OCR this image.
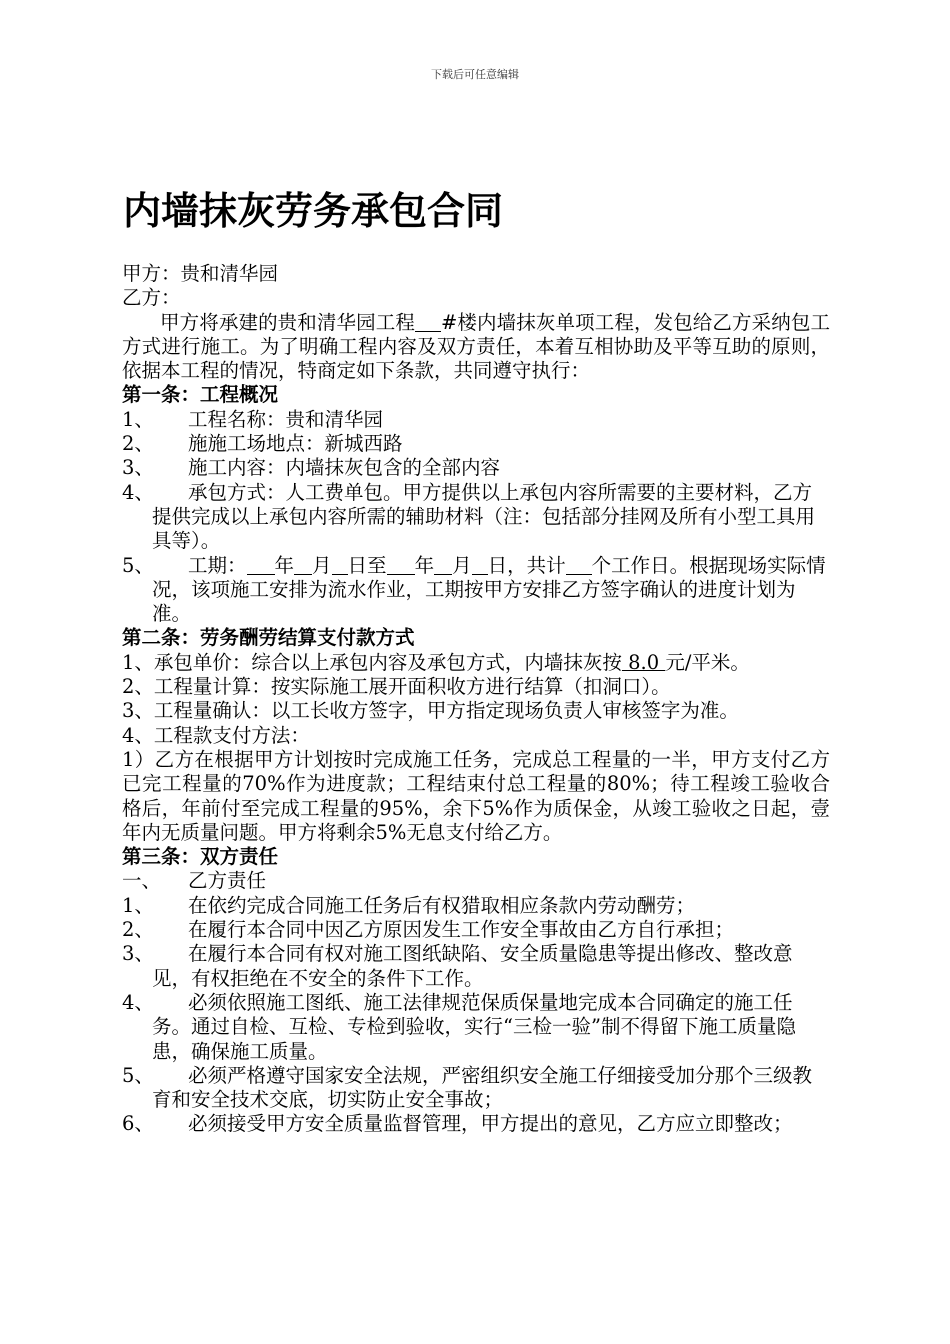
下载后可任意编辑
内墙抹灰劳务承包合同
甲方：贵和清华园
乙方：
甲方将承建的贵和清华园工程 #楼内墙抹灰单项工程，发包给乙方采纳包工方式进行施工。为了明确工程内容及双方责任，本着互相协助及平等互助的原则，依据本工程的情况，特商定如下条款，共同遵守执行：
第一条：工程概况
1、	工程名称：贵和清华园
2、	施施工场地点：新城西路
3、	施工内容：内墙抹灰包含的全部内容
4、 承包方式：人工费单包。甲方提供以上承包内容所需要的主要材料，乙方提供完成以上承包内容所需的辅助材料（注：包括部分挂网及所有小型工具用具等）。
5、 工期： 年 月 日至 年 月 日，共计 个工作日。根据现场实际情况，该项施工安排为流水作业，工期按甲方安排乙方签字确认的进度计划为准。
第二条：劳务酬劳结算支付款方式
1、承包单价：综合以上承包内容及承包方式，内墙抹灰按 8.0 元/平米。
2、工程量计算：按实际施工展开面积收方进行结算（扣洞口）。
3、工程量确认：以工长收方签字，甲方指定现场负责人审核签字为准。
4、工程款支付方法：
1）乙方在根据甲方计划按时完成施工任务，完成总工程量的一半，甲方支付乙方已完工程量的70%作为进度款；工程结束付总工程量的80%；待工程竣工验收合格后，年前付至完成工程量的95%，余下5%作为质保金，从竣工验收之日起，壹年内无质量问题。甲方将剩余5%无息支付给乙方。
第三条：双方责任
一、	乙方责任
1、	在依约完成合同施工任务后有权猎取相应条款内劳动酬劳；
2、	在履行本合同中因乙方原因发生工作安全事故由乙方自行承担；
3、 在履行本合同有权对施工图纸缺陷、安全质量隐患等提出修改、整改意见，有权拒绝在不安全的条件下工作。
4、 必须依照施工图纸、施工法律规范保质保量地完成本合同确定的施工任务。通过自检、互检、专检到验收，实行“三检一验”制不得留下施工质量隐患，确保施工质量。
5、 必须严格遵守国家安全法规，严密组织安全施工仔细接受加分那个三级教育和安全技术交底，切实防止安全事故；
6、 必须接受甲方安全质量监督管理，甲方提出的意见，乙方应立即整改；
